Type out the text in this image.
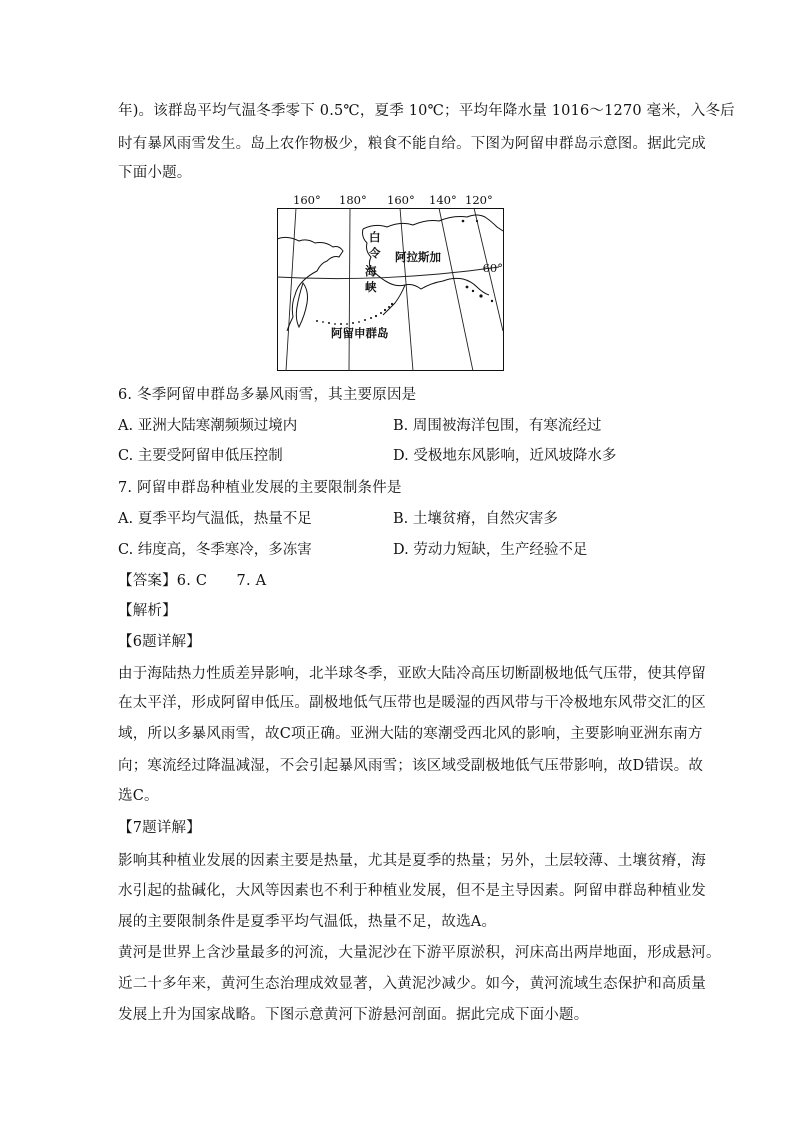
年)。该群岛平均气温冬季零下 0.5℃，夏季 10℃；平均年降水量 1016～1270 毫米，入冬后
时有暴风雨雪发生。岛上农作物极少，粮食不能自给。下图为阿留申群岛示意图。据此完成
下面小题。
160° 180° 160° 140° 120°
60°
白
令
海
峡
阿拉斯加
阿留申群岛
6. 冬季阿留申群岛多暴风雨雪，其主要原因是
A. 亚洲大陆寒潮频频过境内	B. 周围被海洋包围，有寒流经过
C. 主要受阿留申低压控制	D. 受极地东风影响，近风坡降水多
7. 阿留申群岛种植业发展的主要限制条件是
A. 夏季平均气温低，热量不足	B. 土壤贫瘠，自然灾害多
C. 纬度高，冬季寒冷，多冻害	D. 劳动力短缺，生产经验不足
【答案】6. C　　7. A
【解析】
【6题详解】
由于海陆热力性质差异影响，北半球冬季，亚欧大陆冷高压切断副极地低气压带，使其停留
在太平洋，形成阿留申低压。副极地低气压带也是暖湿的西风带与干冷极地东风带交汇的区
域，所以多暴风雨雪，故C项正确。亚洲大陆的寒潮受西北风的影响，主要影响亚洲东南方
向；寒流经过降温减湿，不会引起暴风雨雪；该区域受副极地低气压带影响，故D错误。故
选C。
【7题详解】
影响其种植业发展的因素主要是热量，尤其是夏季的热量；另外，土层较薄、土壤贫瘠，海
水引起的盐碱化，大风等因素也不利于种植业发展，但不是主导因素。阿留申群岛种植业发
展的主要限制条件是夏季平均气温低，热量不足，故选A。
黄河是世界上含沙量最多的河流，大量泥沙在下游平原淤积，河床高出两岸地面，形成悬河。
近二十多年来，黄河生态治理成效显著，入黄泥沙减少。如今，黄河流域生态保护和高质量
发展上升为国家战略。下图示意黄河下游悬河剖面。据此完成下面小题。
